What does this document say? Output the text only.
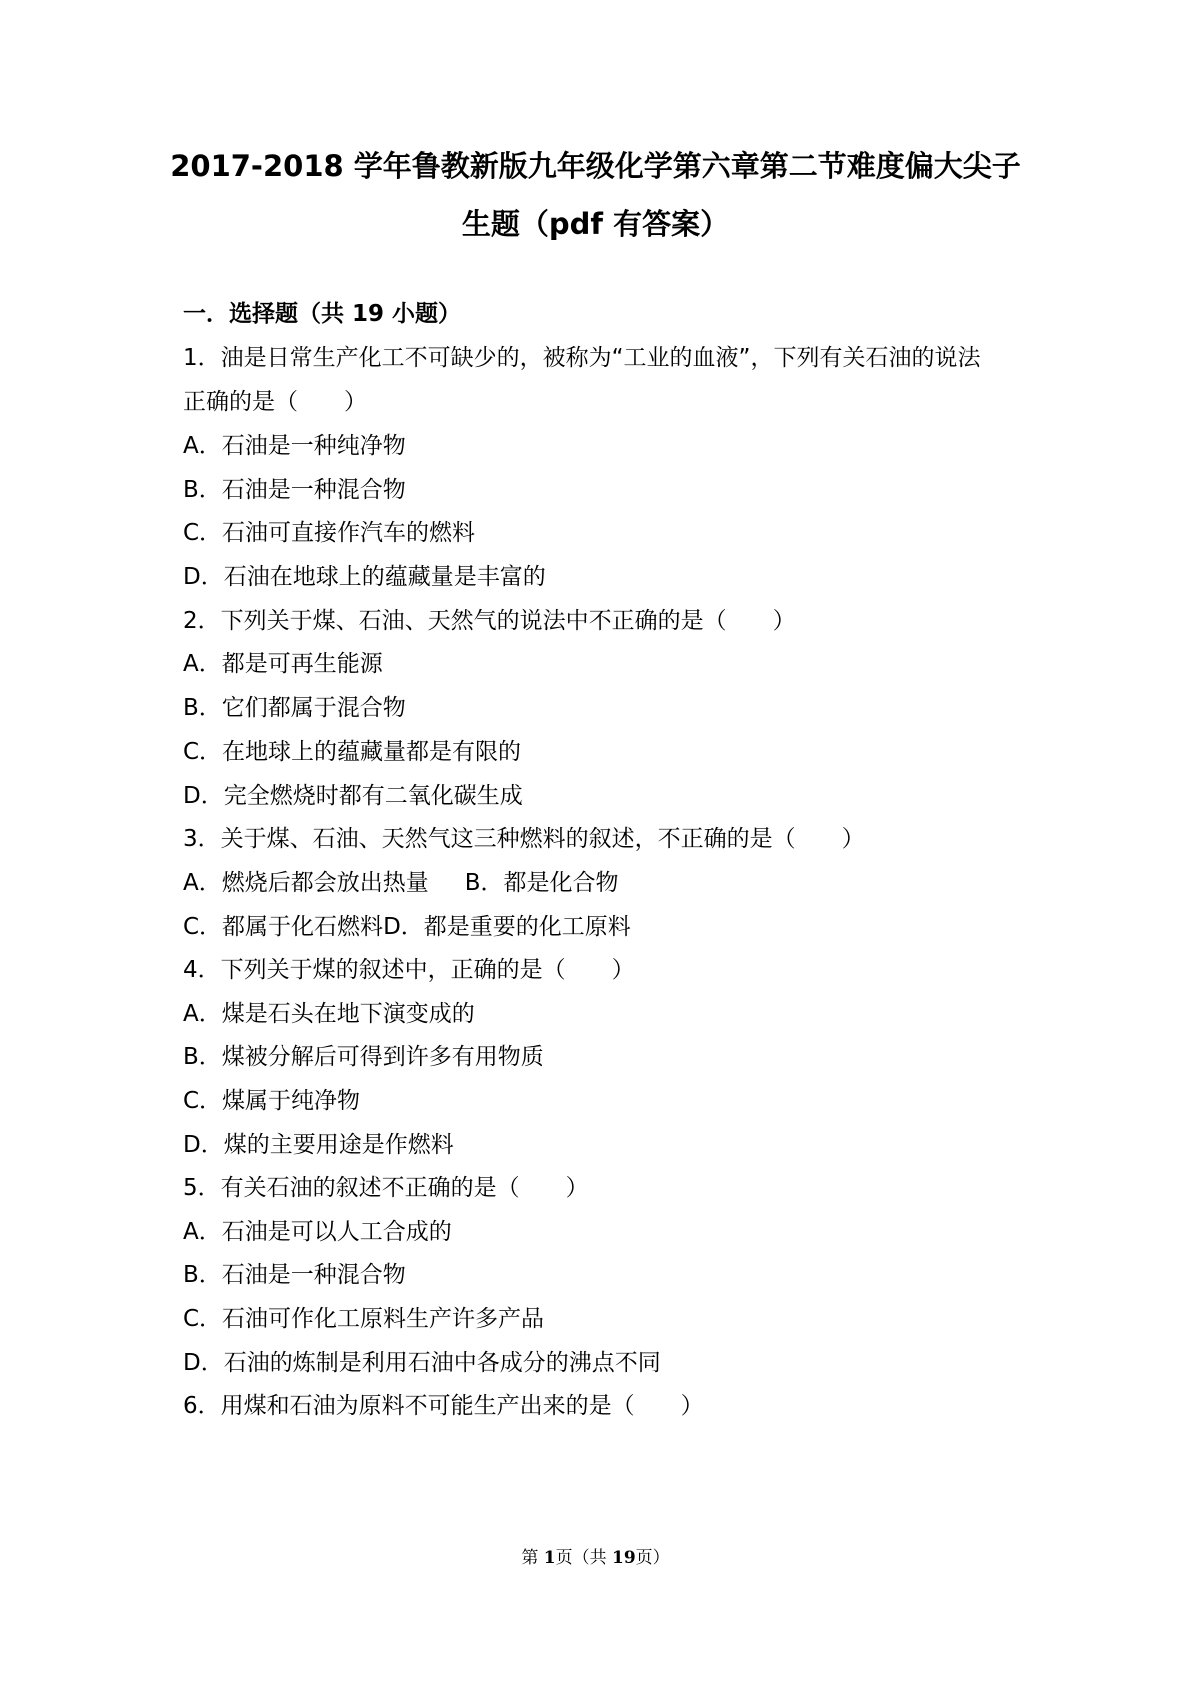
2017-2018 学年鲁教新版九年级化学第六章第二节难度偏大尖子
生题（pdf 有答案）
一．选择题（共 19 小题）
1．油是日常生产化工不可缺少的，被称为“工业的血液”，下列有关石油的说法
正确的是（　　）
A．石油是一种纯净物
B．石油是一种混合物
C．石油可直接作汽车的燃料
D．石油在地球上的蕴藏量是丰富的
2．下列关于煤、石油、天然气的说法中不正确的是（　　）
A．都是可再生能源
B．它们都属于混合物
C．在地球上的蕴藏量都是有限的
D．完全燃烧时都有二氧化碳生成
3．关于煤、石油、天然气这三种燃料的叙述，不正确的是（　　）
A．燃烧后都会放出热量 B．都是化合物
C．都属于化石燃料D．都是重要的化工原料
4．下列关于煤的叙述中，正确的是（　　）
A．煤是石头在地下演变成的
B．煤被分解后可得到许多有用物质
C．煤属于纯净物
D．煤的主要用途是作燃料
5．有关石油的叙述不正确的是（　　）
A．石油是可以人工合成的
B．石油是一种混合物
C．石油可作化工原料生产许多产品
D．石油的炼制是利用石油中各成分的沸点不同
6．用煤和石油为原料不可能生产出来的是（　　）
第 1页（共 19页）
